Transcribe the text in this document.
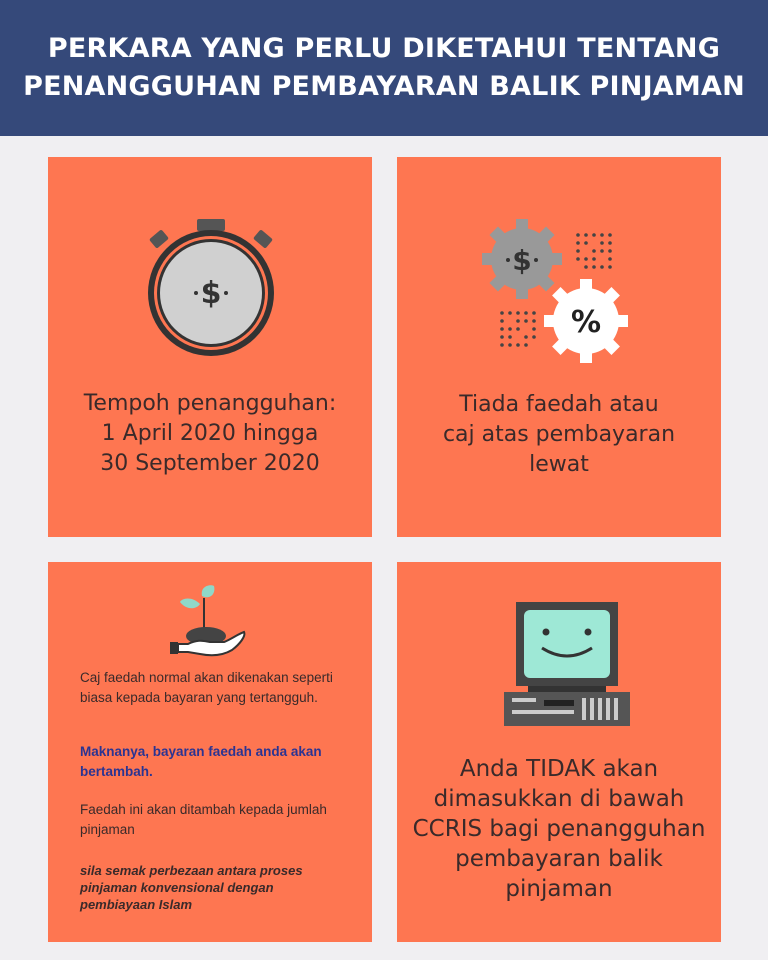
PERKARA YANG PERLU DIKETAHUI TENTANG
PENANGGUHAN PEMBAYARAN BALIK PINJAMAN
$
Tempoh penangguhan:
1 April 2020 hingga
30 September 2020
$
%
Tiada faedah atau
caj atas pembayaran
lewat
Caj faedah normal akan dikenakan seperti biasa kepada bayaran yang tertangguh.
Maknanya, bayaran faedah anda akan bertambah.
Faedah ini akan ditambah kepada jumlah pinjaman
sila semak perbezaan antara proses pinjaman konvensional dengan pembiayaan Islam
Anda TIDAK akan
dimasukkan di bawah
CCRIS bagi penangguhan
pembayaran balik
pinjaman
